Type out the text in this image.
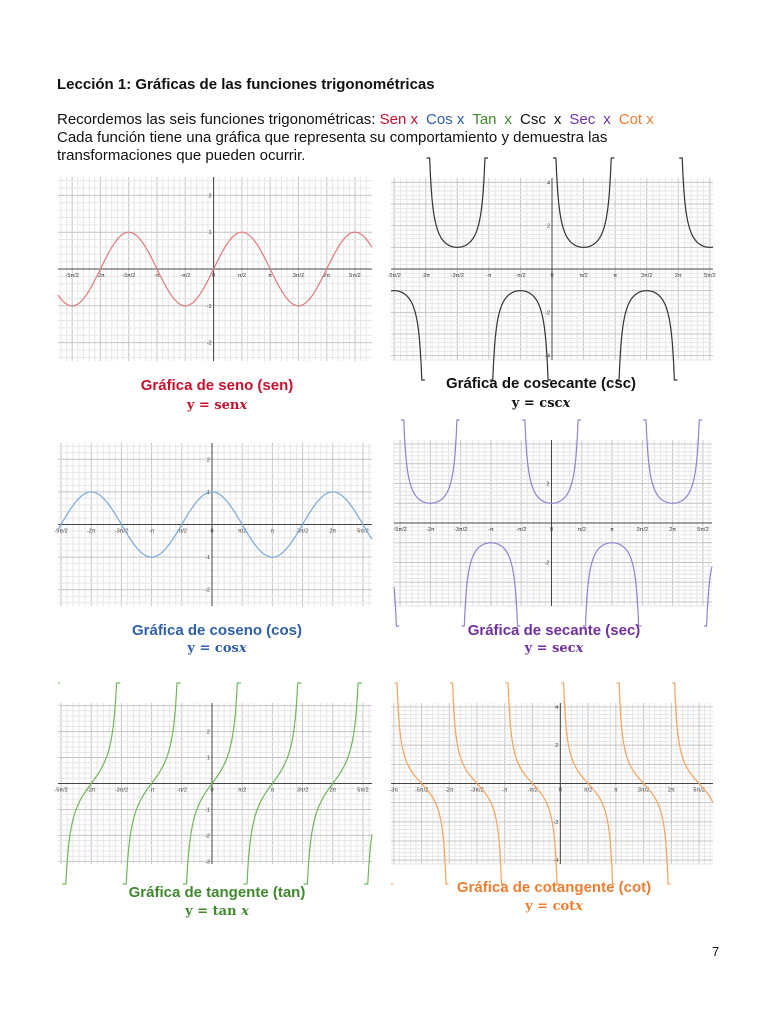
Lección 1: Gráficas de las funciones trigonométricas
Recordemos las seis funciones trigonométricas: Sen x Cos x Tan x Csc x Sec x Cot x
Cada función tiene una gráfica que representa su comportamiento y demuestra las transformaciones que pueden ocurrir.
-5π/2	-2π	-3π/2	-π	-π/2	0	π/2	π	3π/2	2π	5π/2
2
1
-1
-2
-5π/2	-2π	-3π/2	-π	-π/2	0	π/2	π	3π/2	2π	5π/2
4
2
-2
-4
-5π/2	-2π	-3π/2	-π	-π/2	0	π/2	π	3π/2	2π	5π/2
2
1
-1
-2
-5π/2	-2π	-3π/2	-π	-π/2	0	π/2	π	3π/2	2π	5π/2
2
-2
-5π/2	-2π	-3π/2	-π	-π/2	0	π/2	π	3π/2	2π	5π/2
2
1
-1
-2
-3
-3π	-5π/2	-2π	-3π/2	-π	-π/2	0	π/2	π	3π/2	2π	5π/2
4
2
-2
-4
Gráfica de seno (sen)
y = senx
Gráfica de cosecante (csc)
y = cscx
Gráfica de coseno (cos)
y = cosx
Gráfica de secante (sec)
y = secx
Gráfica de tangente (tan)
y = tan x
Gráfica de cotangente (cot)
y = cotx
7
